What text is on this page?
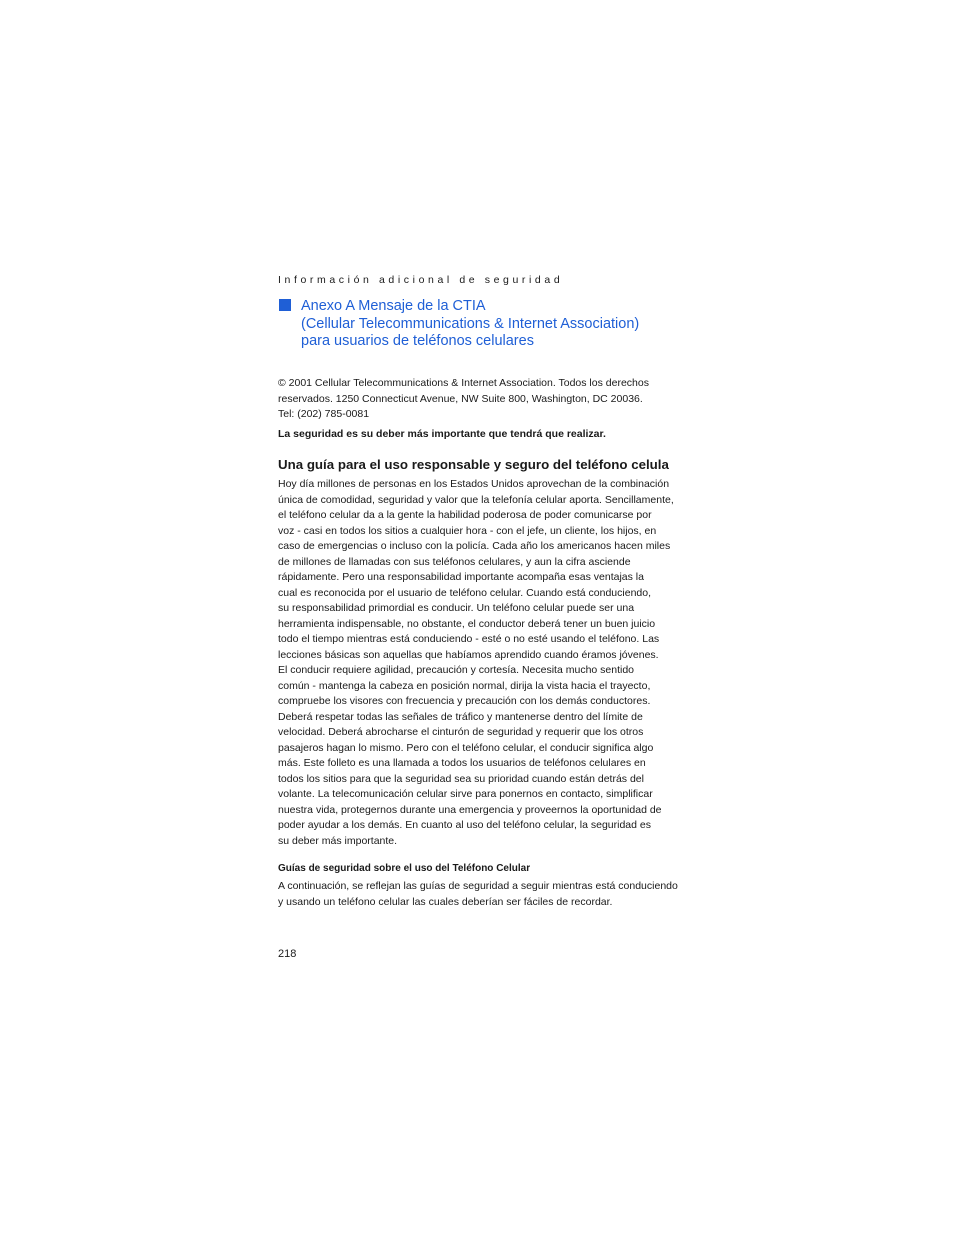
Información adicional de seguridad
Anexo A Mensaje de la CTIA
(Cellular Telecommunications & Internet Association)
para usuarios de teléfonos celulares
© 2001 Cellular Telecommunications & Internet Association. Todos los derechos
reservados. 1250 Connecticut Avenue, NW Suite 800, Washington, DC 20036.
Tel: (202) 785-0081
La seguridad es su deber más importante que tendrá que realizar.
Una guía para el uso responsable y seguro del teléfono celula
Hoy día millones de personas en los Estados Unidos aprovechan de la combinación
única de comodidad, seguridad y valor que la telefonía celular aporta. Sencillamente,
el teléfono celular da a la gente la habilidad poderosa de poder comunicarse por
voz - casi en todos los sitios a cualquier hora - con el jefe, un cliente, los hijos, en
caso de emergencias o incluso con la policía. Cada año los americanos hacen miles
de millones de llamadas con sus teléfonos celulares, y aun la cifra asciende
rápidamente. Pero una responsabilidad importante acompaña esas ventajas la
cual es reconocida por el usuario de teléfono celular. Cuando está conduciendo,
su responsabilidad primordial es conducir. Un teléfono celular puede ser una
herramienta indispensable, no obstante, el conductor deberá tener un buen juicio
todo el tiempo mientras está conduciendo - esté o no esté usando el teléfono. Las
lecciones básicas son aquellas que habíamos aprendido cuando éramos jóvenes.
El conducir requiere agilidad, precaución y cortesía. Necesita mucho sentido
común - mantenga la cabeza en posición normal, dirija la vista hacia el trayecto,
compruebe los visores con frecuencia y precaución con los demás conductores.
Deberá respetar todas las señales de tráfico y mantenerse dentro del límite de
velocidad. Deberá abrocharse el cinturón de seguridad y requerir que los otros
pasajeros hagan lo mismo. Pero con el teléfono celular, el conducir significa algo
más. Este folleto es una llamada a todos los usuarios de teléfonos celulares en
todos los sitios para que la seguridad sea su prioridad cuando están detrás del
volante. La telecomunicación celular sirve para ponernos en contacto, simplificar
nuestra vida, protegernos durante una emergencia y proveernos la oportunidad de
poder ayudar a los demás. En cuanto al uso del teléfono celular, la seguridad es
su deber más importante.
Guías de seguridad sobre el uso del Teléfono Celular
A continuación, se reflejan las guías de seguridad a seguir mientras está conduciendo
y usando un teléfono celular las cuales deberían ser fáciles de recordar.
218
